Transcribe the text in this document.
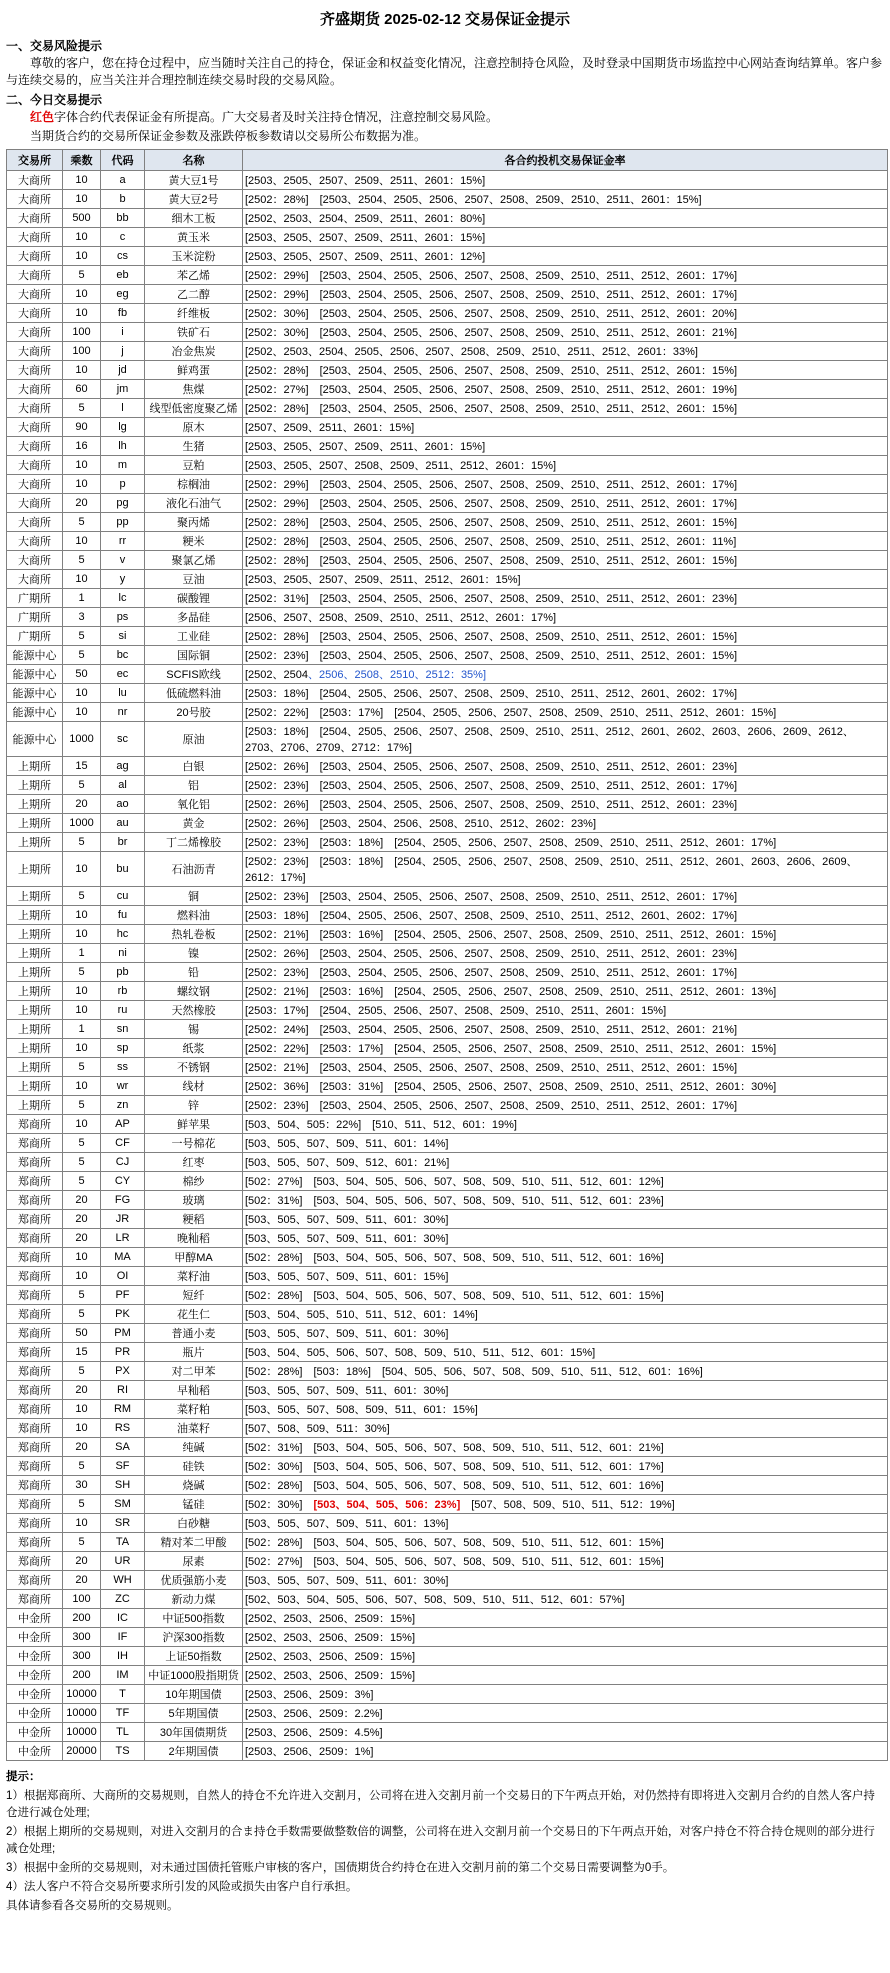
齐盛期货 2025-02-12 交易保证金提示
一、交易风险提示
尊敬的客户，您在持仓过程中，应当随时关注自己的持仓，保证金和权益变化情况，注意控制持仓风险，及时登录中国期货市场监控中心网站查询结算单。客户参与连续交易的，应当关注并合理控制连续交易时段的交易风险。
二、今日交易提示
红色字体合约代表保证金有所提高。广大交易者及时关注持仓情况，注意控制交易风险。
当期货合约的交易所保证金参数及涨跌停板参数请以交易所公布数据为准。
交易所	乘数	代码	名称	各合约投机交易保证金率
大商所	10	a	黄大豆1号	[2503、2505、2507、2509、2511、2601：15%]
大商所	10	b	黄大豆2号	[2502：28%]　[2503、2504、2505、2506、2507、2508、2509、2510、2511、2601：15%]
大商所	500	bb	细木工板	[2502、2503、2504、2509、2511、2601：80%]
大商所	10	c	黄玉米	[2503、2505、2507、2509、2511、2601：15%]
大商所	10	cs	玉米淀粉	[2503、2505、2507、2509、2511、2601：12%]
大商所	5	eb	苯乙烯	[2502：29%]　[2503、2504、2505、2506、2507、2508、2509、2510、2511、2512、2601：17%]
大商所	10	eg	乙二醇	[2502：29%]　[2503、2504、2505、2506、2507、2508、2509、2510、2511、2512、2601：17%]
大商所	10	fb	纤维板	[2502：30%]　[2503、2504、2505、2506、2507、2508、2509、2510、2511、2512、2601：20%]
大商所	100	i	铁矿石	[2502：30%]　[2503、2504、2505、2506、2507、2508、2509、2510、2511、2512、2601：21%]
大商所	100	j	冶金焦炭	[2502、2503、2504、2505、2506、2507、2508、2509、2510、2511、2512、2601：33%]
大商所	10	jd	鲜鸡蛋	[2502：28%]　[2503、2504、2505、2506、2507、2508、2509、2510、2511、2512、2601：15%]
大商所	60	jm	焦煤	[2502：27%]　[2503、2504、2505、2506、2507、2508、2509、2510、2511、2512、2601：19%]
大商所	5	l	线型低密度聚乙烯	[2502：28%]　[2503、2504、2505、2506、2507、2508、2509、2510、2511、2512、2601：15%]
大商所	90	lg	原木	[2507、2509、2511、2601：15%]
大商所	16	lh	生猪	[2503、2505、2507、2509、2511、2601：15%]
大商所	10	m	豆粕	[2503、2505、2507、2508、2509、2511、2512、2601：15%]
大商所	10	p	棕榈油	[2502：29%]　[2503、2504、2505、2506、2507、2508、2509、2510、2511、2512、2601：17%]
大商所	20	pg	液化石油气	[2502：29%]　[2503、2504、2505、2506、2507、2508、2509、2510、2511、2512、2601：17%]
大商所	5	pp	聚丙烯	[2502：28%]　[2503、2504、2505、2506、2507、2508、2509、2510、2511、2512、2601：15%]
大商所	10	rr	粳米	[2502：28%]　[2503、2504、2505、2506、2507、2508、2509、2510、2511、2512、2601：11%]
大商所	5	v	聚氯乙烯	[2502：28%]　[2503、2504、2505、2506、2507、2508、2509、2510、2511、2512、2601：15%]
大商所	10	y	豆油	[2503、2505、2507、2509、2511、2512、2601：15%]
广期所	1	lc	碳酸锂	[2502：31%]　[2503、2504、2505、2506、2507、2508、2509、2510、2511、2512、2601：23%]
广期所	3	ps	多晶硅	[2506、2507、2508、2509、2510、2511、2512、2601：17%]
广期所	5	si	工业硅	[2502：28%]　[2503、2504、2505、2506、2507、2508、2509、2510、2511、2512、2601：15%]
能源中心	5	bc	国际铜	[2502：23%]　[2503、2504、2505、2506、2507、2508、2509、2510、2511、2512、2601：15%]
能源中心	50	ec	SCFIS欧线	[2502、2504、2506、2508、2510、2512：35%]
能源中心	10	lu	低硫燃料油	[2503：18%]　[2504、2505、2506、2507、2508、2509、2510、2511、2512、2601、2602：17%]
能源中心	10	nr	20号胶	[2502：22%]　[2503：17%]　[2504、2505、2506、2507、2508、2509、2510、2511、2512、2601：15%]
能源中心	1000	sc	原油	[2503：18%]　[2504、2505、2506、2507、2508、2509、2510、2511、2512、2601、2602、2603、2606、2609、2612、2703、2706、2709、2712：17%]
上期所	15	ag	白银	[2502：26%]　[2503、2504、2505、2506、2507、2508、2509、2510、2511、2512、2601：23%]
上期所	5	al	铝	[2502：23%]　[2503、2504、2505、2506、2507、2508、2509、2510、2511、2512、2601：17%]
上期所	20	ao	氧化铝	[2502：26%]　[2503、2504、2505、2506、2507、2508、2509、2510、2511、2512、2601：23%]
上期所	1000	au	黄金	[2502：26%]　[2503、2504、2506、2508、2510、2512、2602：23%]
上期所	5	br	丁二烯橡胶	[2502：23%]　[2503：18%]　[2504、2505、2506、2507、2508、2509、2510、2511、2512、2601：17%]
上期所	10	bu	石油沥青	[2502：23%]　[2503：18%]　[2504、2505、2506、2507、2508、2509、2510、2511、2512、2601、2603、2606、2609、2612：17%]
上期所	5	cu	铜	[2502：23%]　[2503、2504、2505、2506、2507、2508、2509、2510、2511、2512、2601：17%]
上期所	10	fu	燃料油	[2503：18%]　[2504、2505、2506、2507、2508、2509、2510、2511、2512、2601、2602：17%]
上期所	10	hc	热轧卷板	[2502：21%]　[2503：16%]　[2504、2505、2506、2507、2508、2509、2510、2511、2512、2601：15%]
上期所	1	ni	镍	[2502：26%]　[2503、2504、2505、2506、2507、2508、2509、2510、2511、2512、2601：23%]
上期所	5	pb	铅	[2502：23%]　[2503、2504、2505、2506、2507、2508、2509、2510、2511、2512、2601：17%]
上期所	10	rb	螺纹钢	[2502：21%]　[2503：16%]　[2504、2505、2506、2507、2508、2509、2510、2511、2512、2601：13%]
上期所	10	ru	天然橡胶	[2503：17%]　[2504、2505、2506、2507、2508、2509、2510、2511、2601：15%]
上期所	1	sn	锡	[2502：24%]　[2503、2504、2505、2506、2507、2508、2509、2510、2511、2512、2601：21%]
上期所	10	sp	纸浆	[2502：22%]　[2503：17%]　[2504、2505、2506、2507、2508、2509、2510、2511、2512、2601：15%]
上期所	5	ss	不锈钢	[2502：21%]　[2503、2504、2505、2506、2507、2508、2509、2510、2511、2512、2601：15%]
上期所	10	wr	线材	[2502：36%]　[2503：31%]　[2504、2505、2506、2507、2508、2509、2510、2511、2512、2601：30%]
上期所	5	zn	锌	[2502：23%]　[2503、2504、2505、2506、2507、2508、2509、2510、2511、2512、2601：17%]
郑商所	10	AP	鲜苹果	[503、504、505：22%]　[510、511、512、601：19%]
郑商所	5	CF	一号棉花	[503、505、507、509、511、601：14%]
郑商所	5	CJ	红枣	[503、505、507、509、512、601：21%]
郑商所	5	CY	棉纱	[502：27%]　[503、504、505、506、507、508、509、510、511、512、601：12%]
郑商所	20	FG	玻璃	[502：31%]　[503、504、505、506、507、508、509、510、511、512、601：23%]
郑商所	20	JR	粳稻	[503、505、507、509、511、601：30%]
郑商所	20	LR	晚籼稻	[503、505、507、509、511、601：30%]
郑商所	10	MA	甲醇MA	[502：28%]　[503、504、505、506、507、508、509、510、511、512、601：16%]
郑商所	10	OI	菜籽油	[503、505、507、509、511、601：15%]
郑商所	5	PF	短纤	[502：28%]　[503、504、505、506、507、508、509、510、511、512、601：15%]
郑商所	5	PK	花生仁	[503、504、505、510、511、512、601：14%]
郑商所	50	PM	普通小麦	[503、505、507、509、511、601：30%]
郑商所	15	PR	瓶片	[503、504、505、506、507、508、509、510、511、512、601：15%]
郑商所	5	PX	对二甲苯	[502：28%]　[503：18%]　[504、505、506、507、508、509、510、511、512、601：16%]
郑商所	20	RI	早籼稻	[503、505、507、509、511、601：30%]
郑商所	10	RM	菜籽粕	[503、505、507、508、509、511、601：15%]
郑商所	10	RS	油菜籽	[507、508、509、511：30%]
郑商所	20	SA	纯碱	[502：31%]　[503、504、505、506、507、508、509、510、511、512、601：21%]
郑商所	5	SF	硅铁	[502：30%]　[503、504、505、506、507、508、509、510、511、512、601：17%]
郑商所	30	SH	烧碱	[502：28%]　[503、504、505、506、507、508、509、510、511、512、601：16%]
郑商所	5	SM	锰硅	[502：30%]　[503、504、505、506：23%]　[507、508、509、510、511、512：19%]
郑商所	10	SR	白砂糖	[503、505、507、509、511、601：13%]
郑商所	5	TA	精对苯二甲酸	[502：28%]　[503、504、505、506、507、508、509、510、511、512、601：15%]
郑商所	20	UR	尿素	[502：27%]　[503、504、505、506、507、508、509、510、511、512、601：15%]
郑商所	20	WH	优质强筋小麦	[503、505、507、509、511、601：30%]
郑商所	100	ZC	新动力煤	[502、503、504、505、506、507、508、509、510、511、512、601：57%]
中金所	200	IC	中证500指数	[2502、2503、2506、2509：15%]
中金所	300	IF	沪深300指数	[2502、2503、2506、2509：15%]
中金所	300	IH	上证50指数	[2502、2503、2506、2509：15%]
中金所	200	IM	中证1000股指期货	[2502、2503、2506、2509：15%]
中金所	10000	T	10年期国债	[2503、2506、2509：3%]
中金所	10000	TF	5年期国债	[2503、2506、2509：2.2%]
中金所	10000	TL	30年国债期货	[2503、2506、2509：4.5%]
中金所	20000	TS	2年期国债	[2503、2506、2509：1%]

提示：

1）根据郑商所、大商所的交易规则，自然人的持仓不允许进入交割月，公司将在进入交割月前一个交易日的下午两点开始，对仍然持有即将进入交割月合约的自然人客户持仓进行减仓处理;

2）根据上期所的交易规则，对进入交割月的合ま持仓手数需要做整数倍的调整，公司将在进入交割月前一个交易日的下午两点开始，对客户持仓不符合持仓规则的部分进行减仓处理;

3）根据中金所的交易规则，对未通过国债托管账户审核的客户，国债期货合约持仓在进入交割月前的第二个交易日需要调整为0手。

4）法人客户不符合交易所要求所引发的风险或损失由客户自行承担。

具体请参看各交易所的交易规则。
